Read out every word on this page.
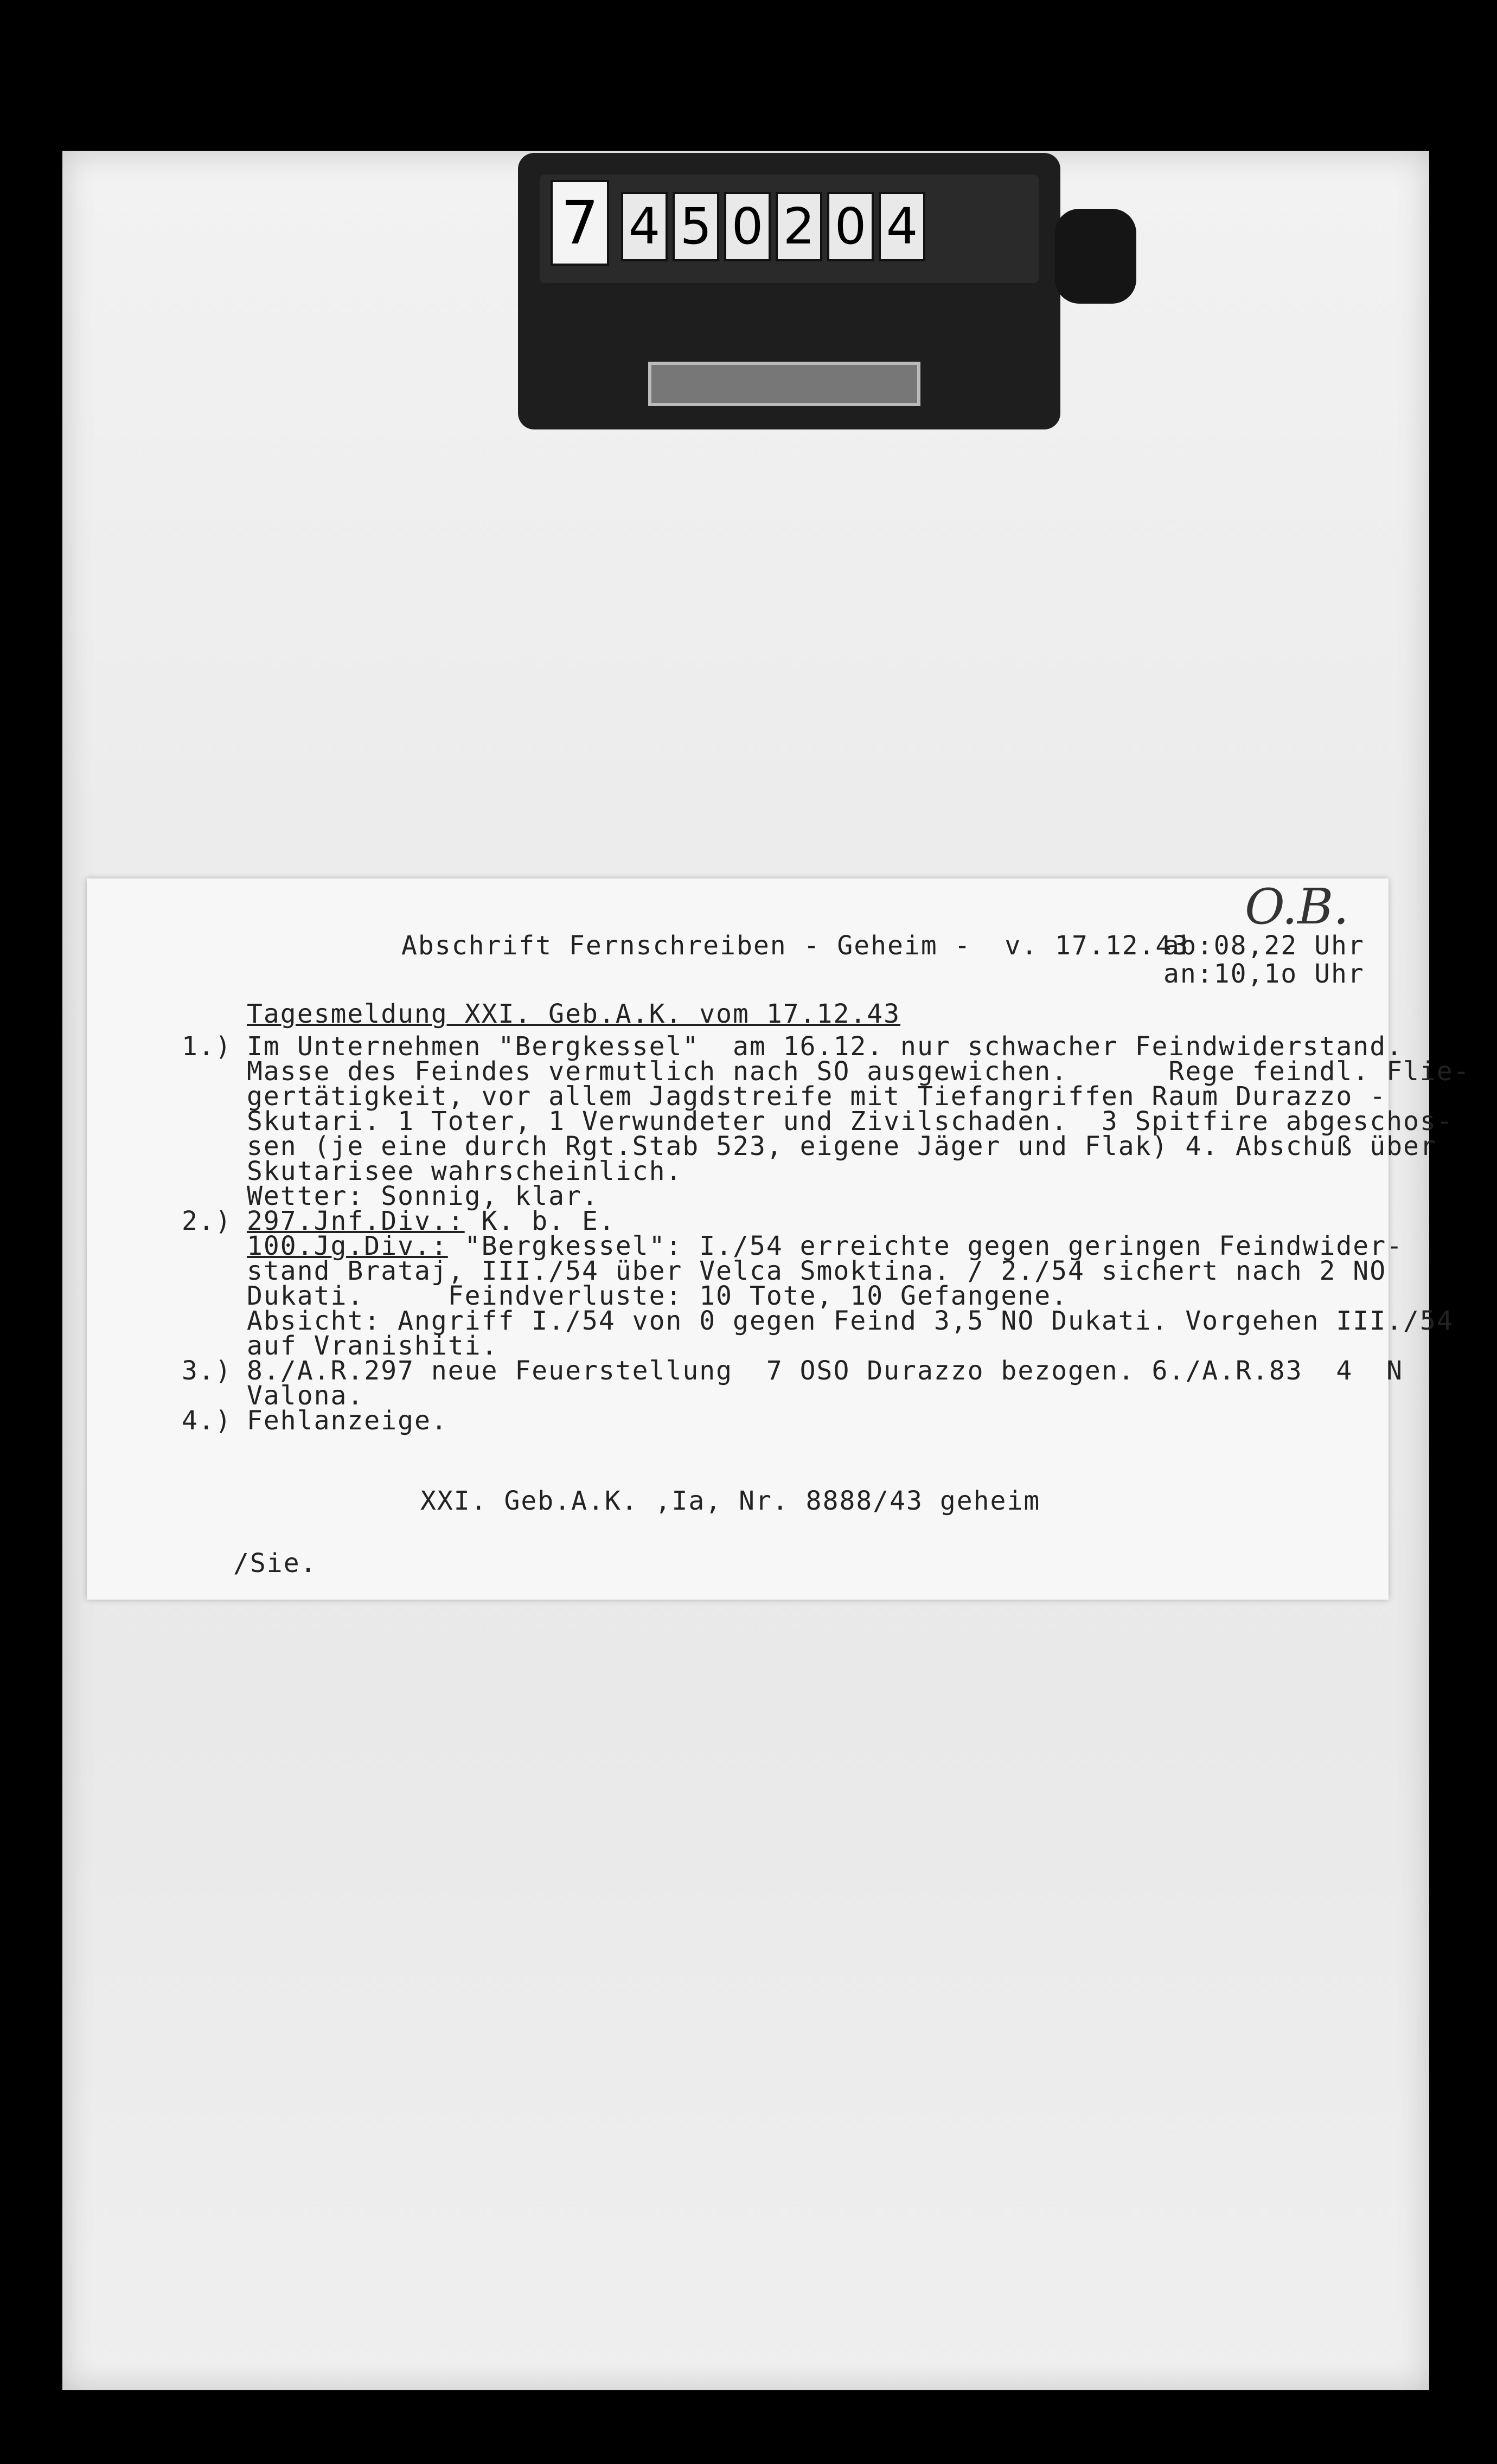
7 4 5 0 2 0 4
Abschrift Fernschreiben - Geheim -  v. 17.12.43
ab:08,22 Uhr
an:10,1o Uhr
O.B.
Tagesmeldung XXI. Geb.A.K. vom 17.12.43
1.) Im Unternehmen "Bergkessel"  am 16.12. nur schwacher Feindwiderstand.
Masse des Feindes vermutlich nach SO ausgewichen.      Rege feindl. Flie-
gertätigkeit, vor allem Jagdstreife mit Tiefangriffen Raum Durazzo -
Skutari. 1 Toter, 1 Verwundeter und Zivilschaden.  3 Spitfire abgeschos-
sen (je eine durch Rgt.Stab 523, eigene Jäger und Flak) 4. Abschuß über
Skutarisee wahrscheinlich.
Wetter: Sonnig, klar.
2.) 297.Jnf.Div.: K. b. E.
100.Jg.Div.: "Bergkessel": I./54 erreichte gegen geringen Feindwider-
stand Brataj, III./54 über Velca Smoktina. / 2./54 sichert nach 2 NO
Dukati.     Feindverluste: 10 Tote, 10 Gefangene.
Absicht: Angriff I./54 von 0 gegen Feind 3,5 NO Dukati. Vorgehen III./54
auf Vranishiti.
3.) 8./A.R.297 neue Feuerstellung  7 OSO Durazzo bezogen. 6./A.R.83  4  N
Valona.
4.) Fehlanzeige.
XXI. Geb.A.K. ,Ia, Nr. 8888/43 geheim
/Sie.
